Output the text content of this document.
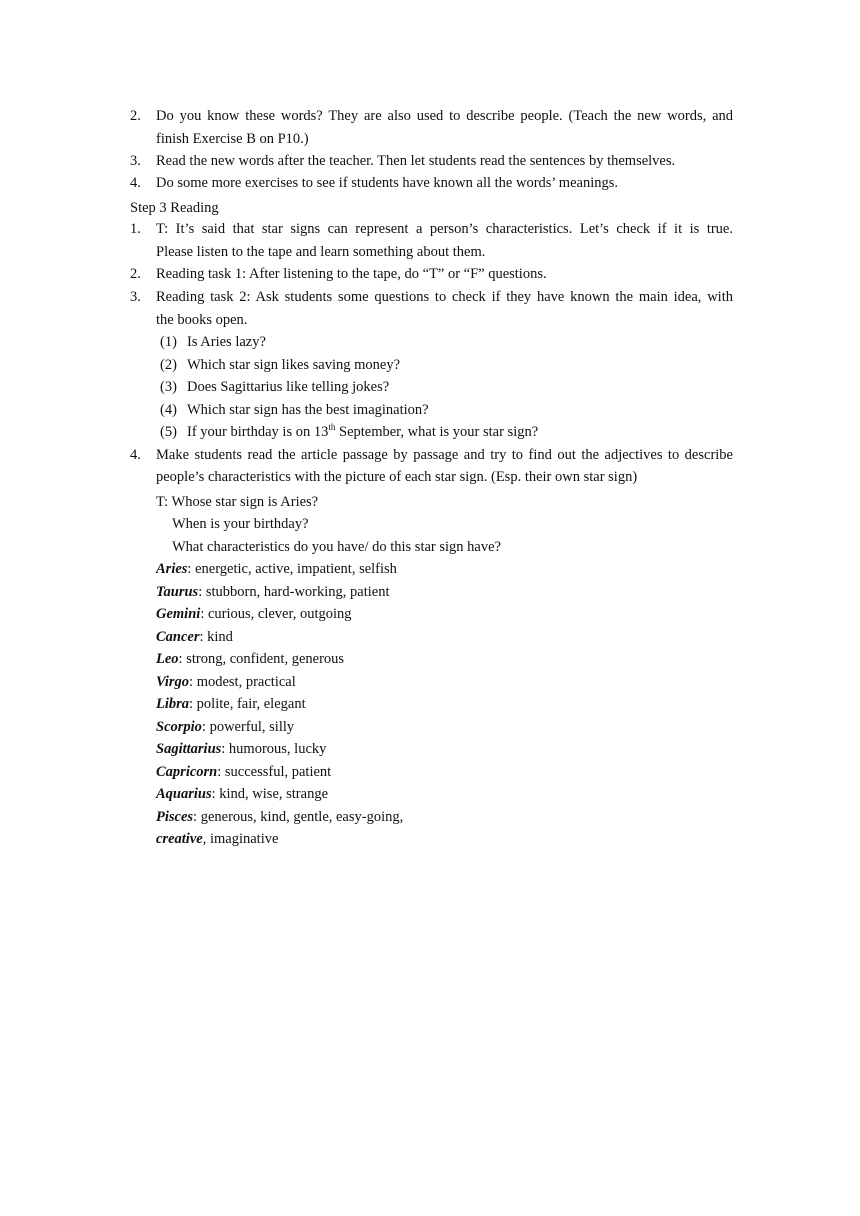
2. Do you know these words? They are also used to describe people. (Teach the new words, and
finish Exercise B on P10.)
3. Read the new words after the teacher. Then let students read the sentences by themselves.
4. Do some more exercises to see if students have known all the words’ meanings.
Step 3 Reading
1. T: It’s said that star signs can represent a person’s characteristics. Let’s check if it is true.
Please listen to the tape and learn something about them.
2. Reading task 1: After listening to the tape, do “T” or “F” questions.
3. Reading task 2: Ask students some questions to check if they have known the main idea, with
the books open.
(1) Is Aries lazy?
(2) Which star sign likes saving money?
(3) Does Sagittarius like telling jokes?
(4) Which star sign has the best imagination?
(5) If your birthday is on 13th September, what is your star sign?
4. Make students read the article passage by passage and try to find out the adjectives to describe
people’s characteristics with the picture of each star sign. (Esp. their own star sign)
T: Whose star sign is Aries?
When is your birthday?
What characteristics do you have/ do this star sign have?
Aries: energetic, active, impatient, selfish
Taurus: stubborn, hard-working, patient
Gemini: curious, clever, outgoing
Cancer: kind
Leo: strong, confident, generous
Virgo: modest, practical
Libra: polite, fair, elegant
Scorpio: powerful, silly
Sagittarius: humorous, lucky
Capricorn: successful, patient
Aquarius: kind, wise, strange
Pisces: generous, kind, gentle, easy-going,
creative, imaginative
